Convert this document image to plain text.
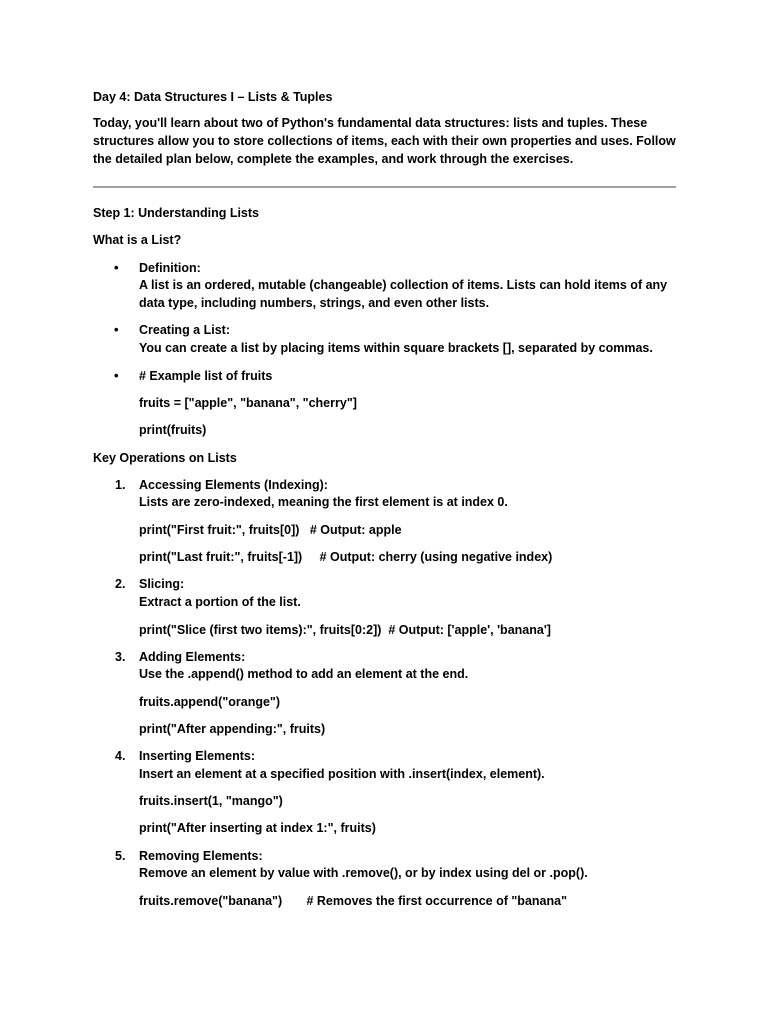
Day 4: Data Structures I – Lists & Tuples
Today, you'll learn about two of Python's fundamental data structures: lists and tuples. These
structures allow you to store collections of items, each with their own properties and uses. Follow
the detailed plan below, complete the examples, and work through the exercises.
Step 1: Understanding Lists
What is a List?
• Definition:
A list is an ordered, mutable (changeable) collection of items. Lists can hold items of any
data type, including numbers, strings, and even other lists.
• Creating a List:
You can create a list by placing items within square brackets [], separated by commas.
• # Example list of fruits
fruits = ["apple", "banana", "cherry"]
print(fruits)
Key Operations on Lists
1. Accessing Elements (Indexing):
Lists are zero-indexed, meaning the first element is at index 0.
print("First fruit:", fruits[0])   # Output: apple
print("Last fruit:", fruits[-1])     # Output: cherry (using negative index)
2. Slicing:
Extract a portion of the list.
print("Slice (first two items):", fruits[0:2])  # Output: ['apple', 'banana']
3. Adding Elements:
Use the .append() method to add an element at the end.
fruits.append("orange")
print("After appending:", fruits)
4. Inserting Elements:
Insert an element at a specified position with .insert(index, element).
fruits.insert(1, "mango")
print("After inserting at index 1:", fruits)
5. Removing Elements:
Remove an element by value with .remove(), or by index using del or .pop().
fruits.remove("banana")       # Removes the first occurrence of "banana"
